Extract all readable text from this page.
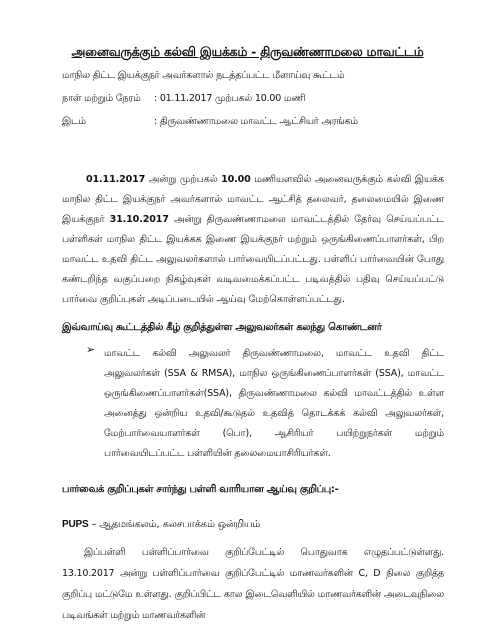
அனைவருக்கும் கல்வி இயக்கம் - திருவண்ணாமலை மாவட்டம்
மாநில திட்ட இயக்குநர் அவர்களால் நடத்தப்பட்ட மீளாய்வு கூட்டம்
நாள் மற்றும் நேரம் : 01.11.2017 முற்பகல் 10.00 மணி
இடம்	: திருவண்ணாமலை மாவட்ட ஆட்சியர் அரங்கம்
01.11.2017 அன்று முற்பகல் 10.00 மணியளவில் அனைவருக்கும் கல்வி இயக்க மாநில திட்ட இயக்குநர் அவர்களால் மாவட்ட ஆட்சித் தலைவர், தலைமையில் இணை இயக்குநர் 31.10.2017 அன்று திருவண்ணாமலை மாவட்டத்தில் தேர்வு செய்யப்பட்ட பள்ளிகள் மாநில திட்ட இயக்கக இணை இயக்குநர் மற்றும் ஒருங்கிணைப்பாளர்கள், பிற மாவட்ட உதவி திட்ட அலுவலர்களால் பார்வையிடப்பட்டது. பள்ளிப் பார்வையின் போது கண்டறிந்த வகுப்பறை நிகழ்வுகள் வடிவமைக்கப்பட்ட படிவத்தில் பதிவு செய்யப்பட்டு பார்வை குறிப்புகள் அடிப்படையில் ஆய்வு மேற்கொள்ளப்பட்டது.
இவ்வாய்வு கூட்டத்தில் கீழ் குறித்துள்ள அலுவலர்கள் கலந்து கொண்டனர்
➢ மாவட்ட கல்வி அலுவலர் திருவண்ணாமலை, மாவட்ட உதவி திட்ட அலுவலர்கள் (SSA & RMSA), மாநில ஒருங்கிணைப்பாளர்கள் (SSA), மாவட்ட ஒருங்கிணைப்பாளர்கள்(SSA), திருவண்ணாமலை கல்வி மாவட்டத்தில் உள்ள அனைத்து ஒன்றிய உதவி/கூடுதல் உதவித் தொடக்கக் கல்வி அலுவலர்கள், மேற்பார்வையாளர்கள் (பொ), ஆசிரியர் பயிற்றுநர்கள் மற்றும் பார்வையிடப்பட்ட பள்ளியின் தலைமையாசிரியர்கள்.
பார்வைக் குறிப்புகள் சார்ந்து பள்ளி வாரியான ஆய்வு குறிப்பு:-
PUPS – ஆதமங்கலம், கலசபாக்கம் ஒன்றியம்
இப்பள்ளி பள்ளிப்பார்வை குறிப்பேட்டில் பொதுவாக எழுதப்பட்டுள்ளது. 13.10.2017 அன்று பள்ளிப்பார்வை குறிப்பேட்டில் மாணவர்களின் C, D நிலை குறித்த குறிப்பு மட்டுமே உள்ளது. குறிப்பிட்ட கால இடைவெளியில் மாணவர்களின் அடைவுநிலை படிவங்கள் மற்றும் மாணவர்களின்
